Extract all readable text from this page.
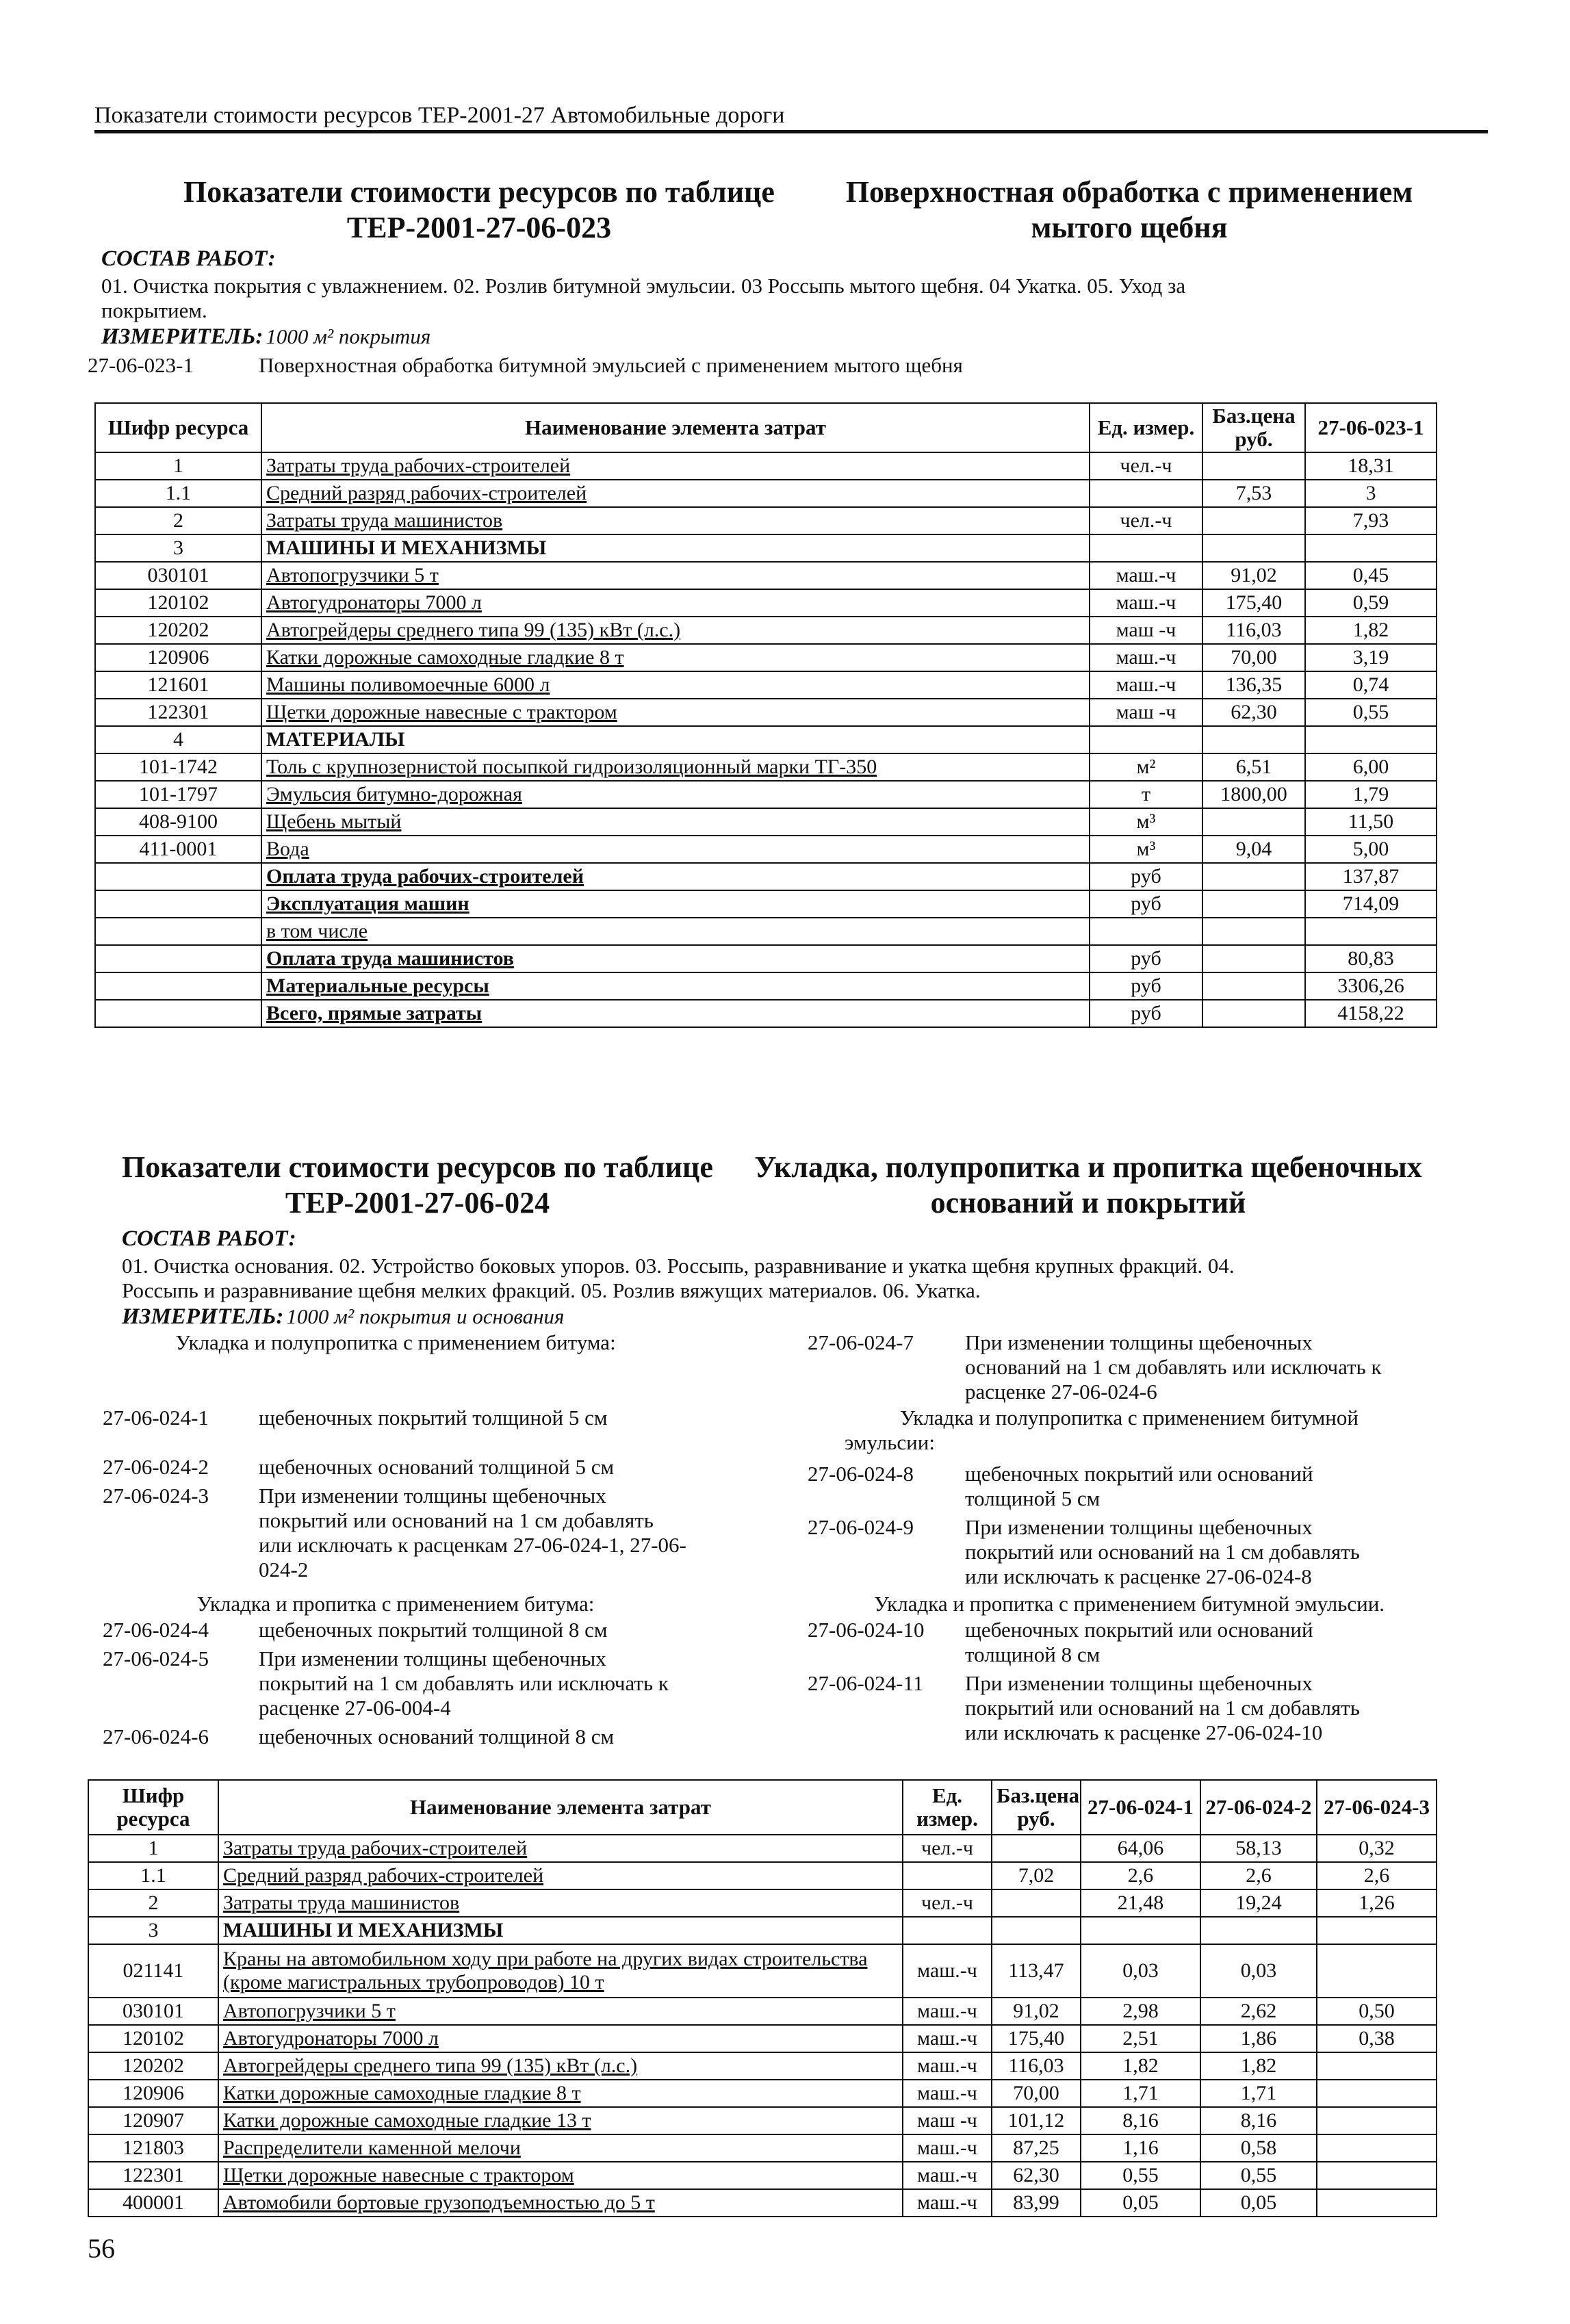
Показатели стоимости ресурсов ТЕР-2001-27 Автомобильные дороги
Показатели стоимости ресурсов по таблице
ТЕР-2001-27-06-023
Поверхностная обработка с применением
мытого щебня
СОСТАВ РАБОТ:
01. Очистка покрытия с увлажнением. 02. Розлив битумной эмульсии. 03 Россыпь мытого щебня. 04 Укатка. 05. Уход за
покрытием.
ИЗМЕРИТЕЛЬ: 1000 м² покрытия
27-06-023-1	Поверхностная обработка битумной эмульсией с применением мытого щебня
Шифр ресурса	Наименование элемента затрат	Ед. измер.	Баз.цена руб.	27-06-023-1
1	Затраты труда рабочих-строителей	чел.-ч		18,31
1.1	Средний разряд рабочих-строителей		7,53	3
2	Затраты труда машинистов	чел.-ч		7,93
3	МАШИНЫ И МЕХАНИЗМЫ			
030101	Автопогрузчики 5 т	маш.-ч	91,02	0,45
120102	Автогудронаторы 7000 л	маш.-ч	175,40	0,59
120202	Автогрейдеры среднего типа 99 (135) кВт (л.с.)	маш -ч	116,03	1,82
120906	Катки дорожные самоходные гладкие 8 т	маш.-ч	70,00	3,19
121601	Машины поливомоечные 6000 л	маш.-ч	136,35	0,74
122301	Щетки дорожные навесные с трактором	маш -ч	62,30	0,55
4	МАТЕРИАЛЫ			
101-1742	Толь с крупнозернистой посыпкой гидроизоляционный марки ТГ-350	м²	6,51	6,00
101-1797	Эмульсия битумно-дорожная	т	1800,00	1,79
408-9100	Щебень мытый	м³		11,50
411-0001	Вода	м³	9,04	5,00
	Оплата труда рабочих-строителей	руб		137,87
	Эксплуатация машин	руб		714,09
	в том числе			
	Оплата труда машинистов	руб		80,83
	Материальные ресурсы	руб		3306,26
	Всего, прямые затраты	руб		4158,22
Показатели стоимости ресурсов по таблице
ТЕР-2001-27-06-024
Укладка, полупропитка и пропитка щебеночных
оснований и покрытий
СОСТАВ РАБОТ:
01. Очистка основания. 02. Устройство боковых упоров. 03. Россыпь, разравнивание и укатка щебня крупных фракций. 04.
Россыпь и разравнивание щебня мелких фракций. 05. Розлив вяжущих материалов. 06. Укатка.
ИЗМЕРИТЕЛЬ: 1000 м² покрытия и основания
Укладка и полупропитка с применением битума:
27-06-024-1 щебеночных покрытий толщиной 5 см
27-06-024-2 щебеночных оснований толщиной 5 см
27-06-024-3 При изменении толщины щебеночных
покрытий или оснований на 1 см добавлять
или исключать к расценкам 27-06-024-1, 27-06-
024-2
Укладка и пропитка с применением битума:
27-06-024-4 щебеночных покрытий толщиной 8 см
27-06-024-5 При изменении толщины щебеночных
покрытий на 1 см добавлять или исключать к
расценке 27-06-004-4
27-06-024-6 щебеночных оснований толщиной 8 см
27-06-024-7 При изменении толщины щебеночных
оснований на 1 см добавлять или исключать к
расценке 27-06-024-6
Укладка и полупропитка с применением битумной
эмульсии:
27-06-024-8 щебеночных покрытий или оснований
толщиной 5 см
27-06-024-9 При изменении толщины щебеночных
покрытий или оснований на 1 см добавлять
или исключать к расценке 27-06-024-8
Укладка и пропитка с применением битумной эмульсии.
27-06-024-10 щебеночных покрытий или оснований
толщиной 8 см
27-06-024-11 При изменении толщины щебеночных
покрытий или оснований на 1 см добавлять
или исключать к расценке 27-06-024-10
Шифр ресурса	Наименование элемента затрат	Ед. измер.	Баз.цена руб.	27-06-024-1	27-06-024-2	27-06-024-3
1	Затраты труда рабочих-строителей	чел.-ч		64,06	58,13	0,32
1.1	Средний разряд рабочих-строителей		7,02	2,6	2,6	2,6
2	Затраты труда машинистов	чел.-ч		21,48	19,24	1,26
3	МАШИНЫ И МЕХАНИЗМЫ					
021141	Краны на автомобильном ходу при работе на других видах строительства (кроме магистральных трубопроводов) 10 т	маш.-ч	113,47	0,03	0,03	
030101	Автопогрузчики 5 т	маш.-ч	91,02	2,98	2,62	0,50
120102	Автогудронаторы 7000 л	маш.-ч	175,40	2,51	1,86	0,38
120202	Автогрейдеры среднего типа 99 (135) кВт (л.с.)	маш.-ч	116,03	1,82	1,82	
120906	Катки дорожные самоходные гладкие 8 т	маш.-ч	70,00	1,71	1,71	
120907	Катки дорожные самоходные гладкие 13 т	маш -ч	101,12	8,16	8,16	
121803	Распределители каменной мелочи	маш.-ч	87,25	1,16	0,58	
122301	Щетки дорожные навесные с трактором	маш.-ч	62,30	0,55	0,55	
400001	Автомобили бортовые грузоподъемностью до 5 т	маш.-ч	83,99	0,05	0,05	
56
